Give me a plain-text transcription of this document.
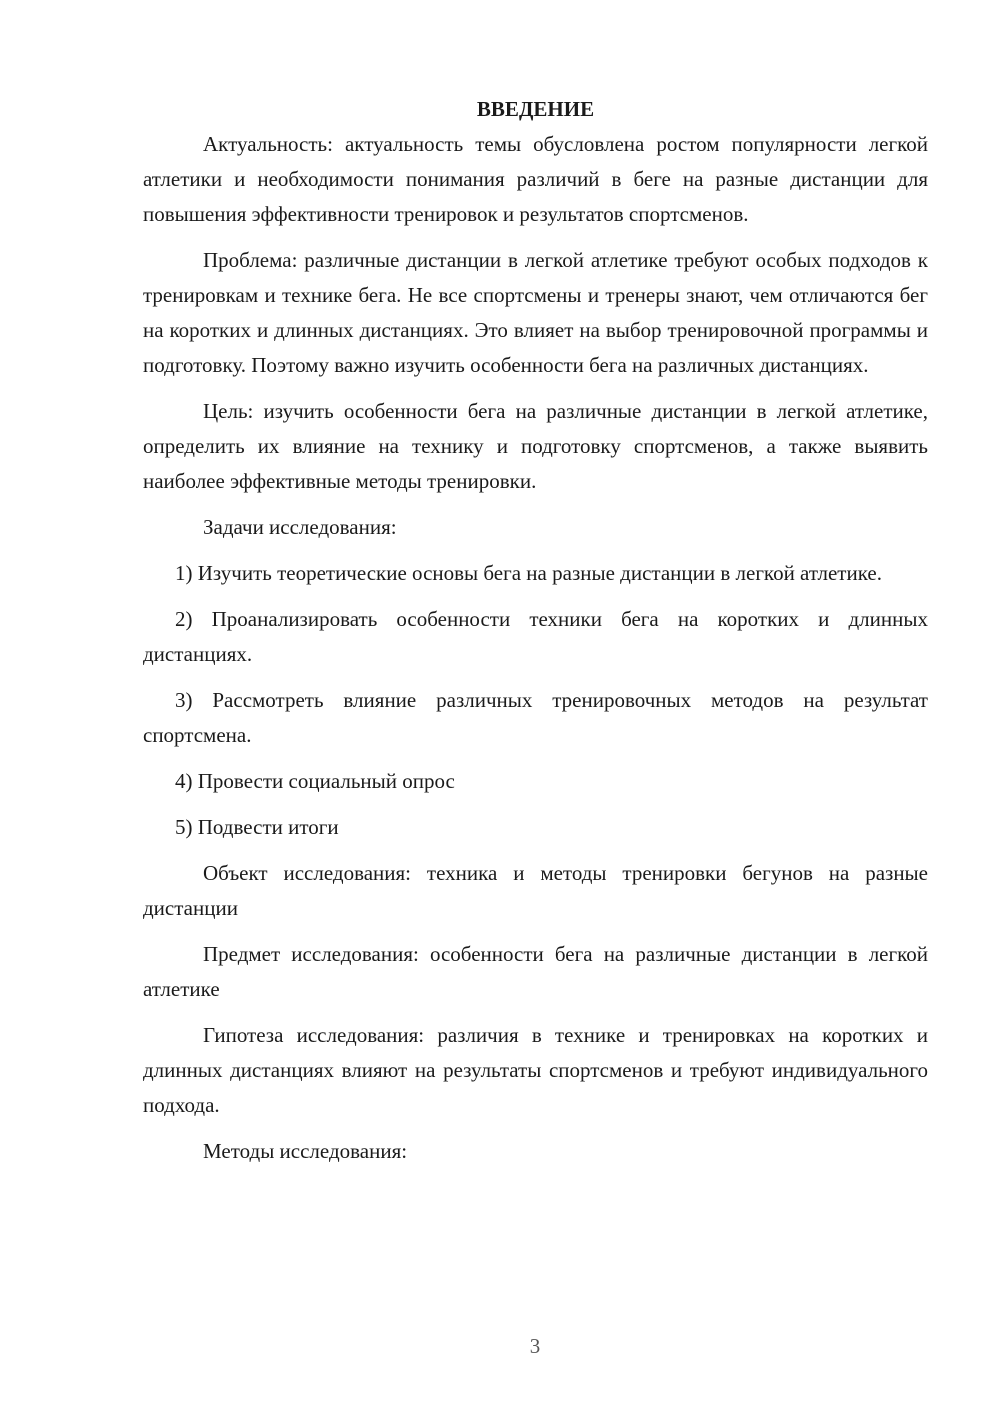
ВВЕДЕНИЕ

Актуальность: актуальность темы обусловлена ростом популярности легкой атлетики и необходимости понимания различий в беге на разные дистанции для повышения эффективности тренировок и результатов спортсменов.

Проблема: различные дистанции в легкой атлетике требуют особых подходов к тренировкам и технике бега. Не все спортсмены и тренеры знают, чем отличаются бег на коротких и длинных дистанциях. Это влияет на выбор тренировочной программы и подготовку. Поэтому важно изучить особенности бега на различных дистанциях.

Цель: изучить особенности бега на различные дистанции в легкой атлетике, определить их влияние на технику и подготовку спортсменов, а также выявить наиболее эффективные методы тренировки.

Задачи исследования:

1) Изучить теоретические основы бега на разные дистанции в легкой атлетике.

2) Проанализировать особенности техники бега на коротких и длинных дистанциях.

3) Рассмотреть влияние различных тренировочных методов на результат спортсмена.

4) Провести социальный опрос

5) Подвести итоги

Объект исследования: техника и методы тренировки бегунов на разные дистанции

Предмет исследования: особенности бега на различные дистанции в легкой атлетике

Гипотеза исследования: различия в технике и тренировках на коротких и длинных дистанциях влияют на результаты спортсменов и требуют индивидуального подхода.

Методы исследования:

3
